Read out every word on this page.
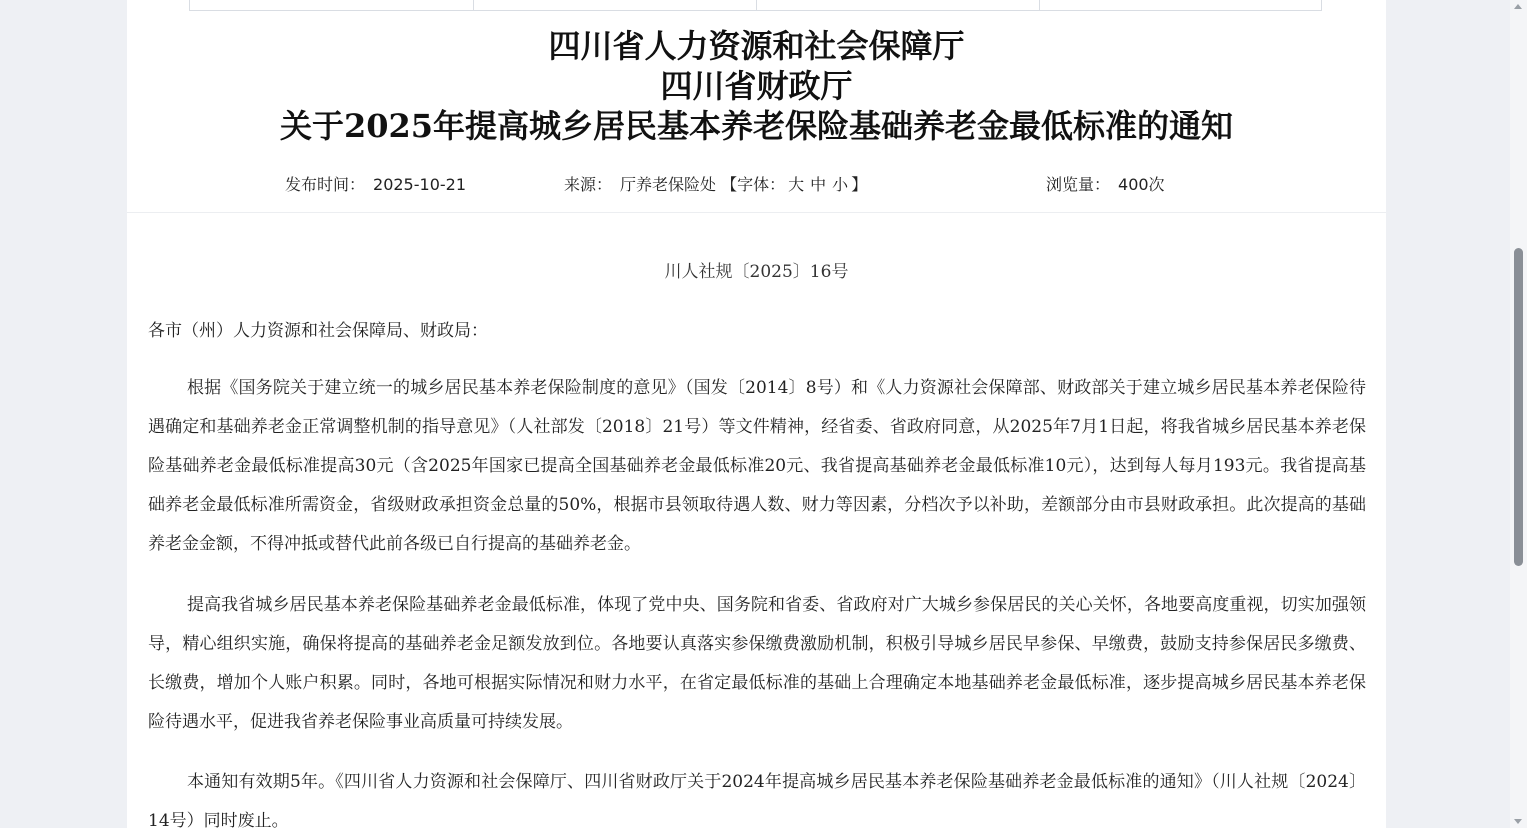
四川省人力资源和社会保障厅
四川省财政厅
关于2025年提高城乡居民基本养老保险基础养老金最低标准的通知
发布时间： 2025-10-21	来源： 厅养老保险处 【字体： 大 中 小 】	浏览量： 400次
川人社规〔2025〕16号

各市（州）人力资源和社会保障局、财政局：

根据《国务院关于建立统一的城乡居民基本养老保险制度的意见》（国发〔2014〕8号）和《人力资源社会保障部、财政部关于建立城乡居民基本养老保险待遇确定和基础养老金正常调整机制的指导意见》（人社部发〔2018〕21号）等文件精神，经省委、省政府同意，从2025年7月1日起，将我省城乡居民基本养老保险基础养老金最低标准提高30元（含2025年国家已提高全国基础养老金最低标准20元、我省提高基础养老金最低标准10元），达到每人每月193元。我省提高基础养老金最低标准所需资金，省级财政承担资金总量的50%，根据市县领取待遇人数、财力等因素，分档次予以补助，差额部分由市县财政承担。此次提高的基础养老金金额，不得冲抵或替代此前各级已自行提高的基础养老金。

提高我省城乡居民基本养老保险基础养老金最低标准，体现了党中央、国务院和省委、省政府对广大城乡参保居民的关心关怀，各地要高度重视，切实加强领导，精心组织实施，确保将提高的基础养老金足额发放到位。各地要认真落实参保缴费激励机制，积极引导城乡居民早参保、早缴费，鼓励支持参保居民多缴费、长缴费，增加个人账户积累。同时，各地可根据实际情况和财力水平，在省定最低标准的基础上合理确定本地基础养老金最低标准，逐步提高城乡居民基本养老保险待遇水平，促进我省养老保险事业高质量可持续发展。

本通知有效期5年。《四川省人力资源和社会保障厅、四川省财政厅关于2024年提高城乡居民基本养老保险基础养老金最低标准的通知》（川人社规〔2024〕14号）同时废止。
